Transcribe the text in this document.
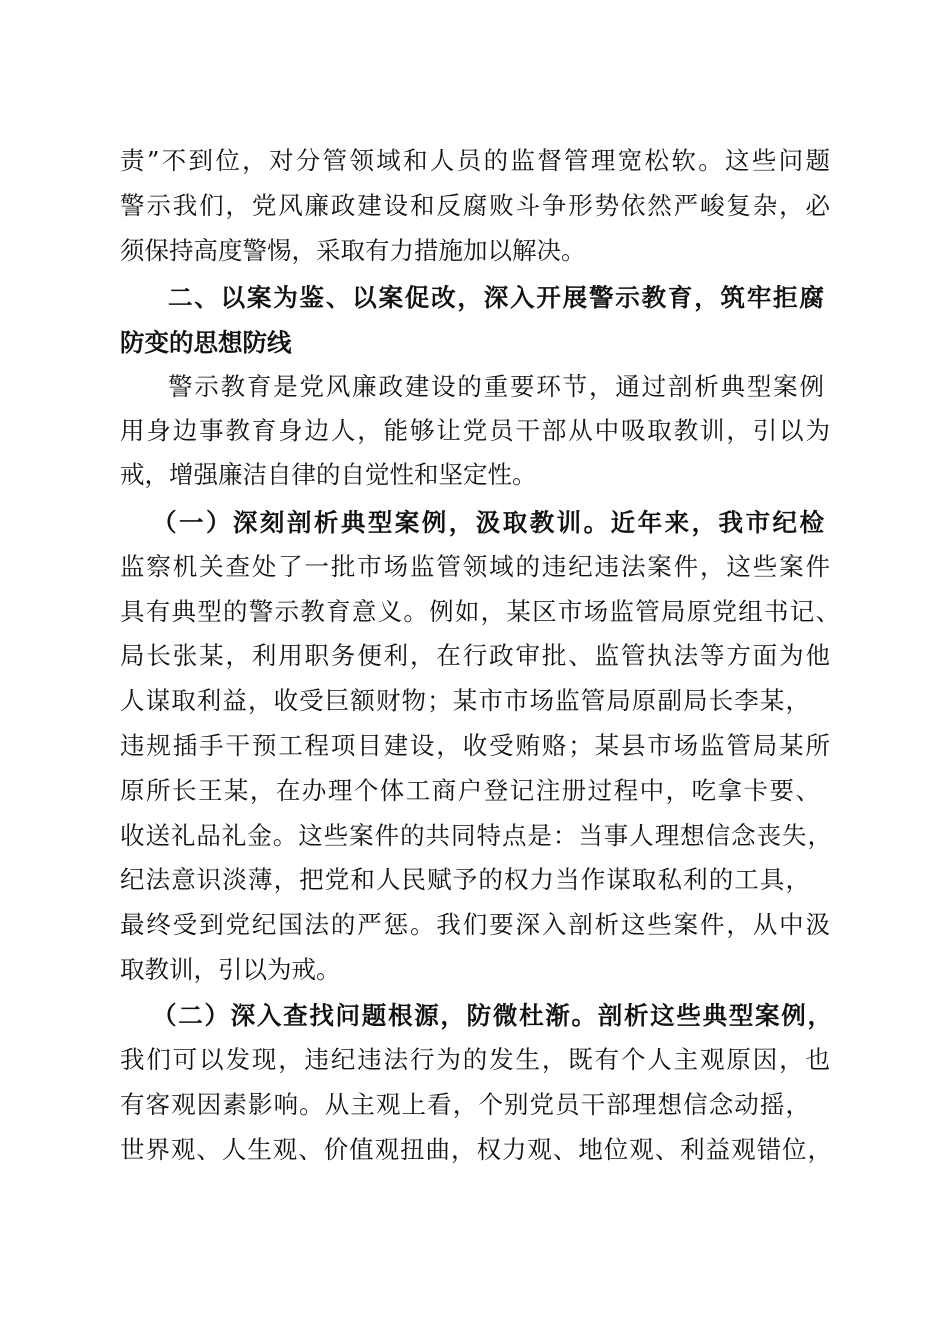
责”不到位，对分管领域和人员的监督管理宽松软。这些问题
警示我们，党风廉政建设和反腐败斗争形势依然严峻复杂，必
须保持高度警惕，采取有力措施加以解决。
二、以案为鉴、以案促改，深入开展警示教育，筑牢拒腐
防变的思想防线
警示教育是党风廉政建设的重要环节，通过剖析典型案例
用身边事教育身边人，能够让党员干部从中吸取教训，引以为
戒，增强廉洁自律的自觉性和坚定性。
（一）深刻剖析典型案例，汲取教训。近年来，我市纪检
监察机关查处了一批市场监管领域的违纪违法案件，这些案件
具有典型的警示教育意义。例如，某区市场监管局原党组书记、
局长张某，利用职务便利，在行政审批、监管执法等方面为他
人谋取利益，收受巨额财物；某市市场监管局原副局长李某，
违规插手干预工程项目建设，收受贿赂；某县市场监管局某所
原所长王某，在办理个体工商户登记注册过程中，吃拿卡要、
收送礼品礼金。这些案件的共同特点是：当事人理想信念丧失，
纪法意识淡薄，把党和人民赋予的权力当作谋取私利的工具，
最终受到党纪国法的严惩。我们要深入剖析这些案件，从中汲
取教训，引以为戒。
（二）深入查找问题根源，防微杜渐。剖析这些典型案例，
我们可以发现，违纪违法行为的发生，既有个人主观原因，也
有客观因素影响。从主观上看，个别党员干部理想信念动摇，
世界观、人生观、价值观扭曲，权力观、地位观、利益观错位，
